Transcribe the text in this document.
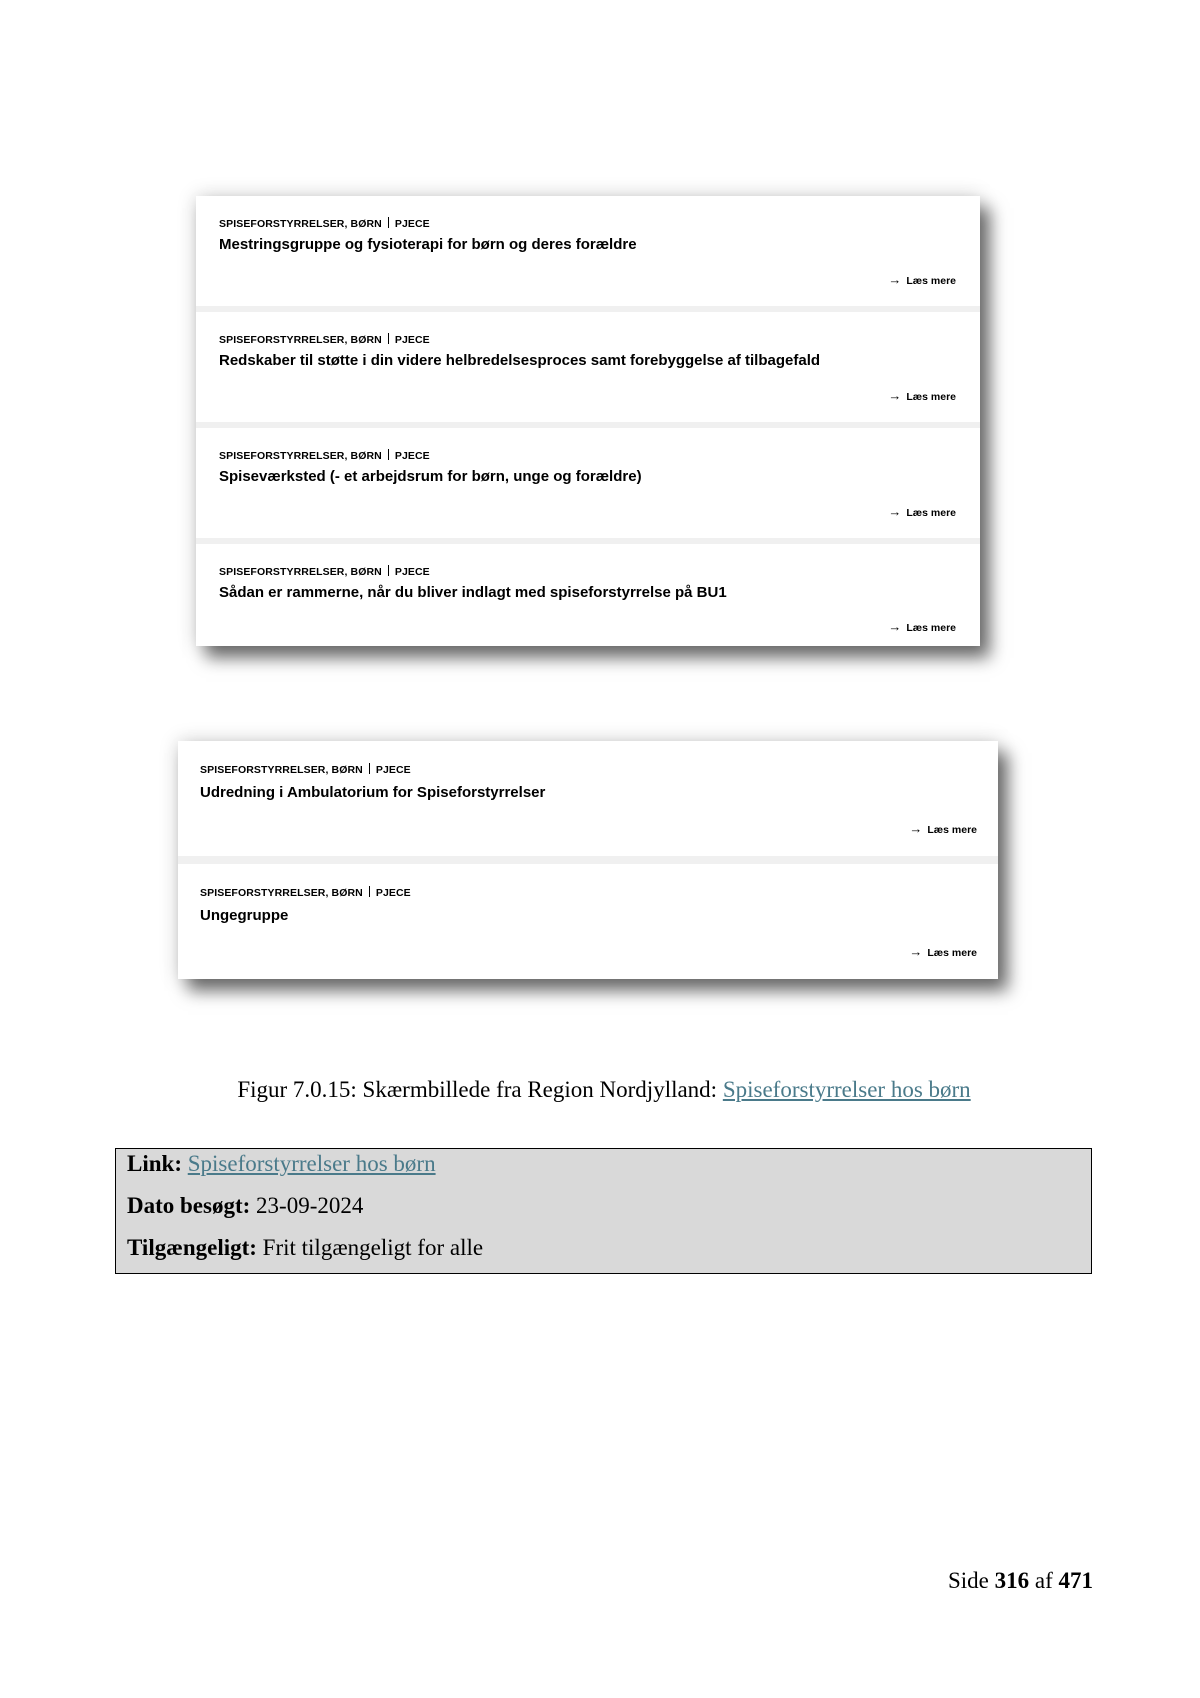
SPISEFORSTYRRELSER, BØRN PJECE
Mestringsgruppe og fysioterapi for børn og deres forældre
→ Læs mere
SPISEFORSTYRRELSER, BØRN PJECE
Redskaber til støtte i din videre helbredelsesproces samt forebyggelse af tilbagefald
→ Læs mere
SPISEFORSTYRRELSER, BØRN PJECE
Spiseværksted (- et arbejdsrum for børn, unge og forældre)
→ Læs mere
SPISEFORSTYRRELSER, BØRN PJECE
Sådan er rammerne, når du bliver indlagt med spiseforstyrrelse på BU1
→ Læs mere
SPISEFORSTYRRELSER, BØRN PJECE
Udredning i Ambulatorium for Spiseforstyrrelser
→ Læs mere
SPISEFORSTYRRELSER, BØRN PJECE
Ungegruppe
→ Læs mere
Figur 7.0.15: Skærmbillede fra Region Nordjylland: Spiseforstyrrelser hos børn
Link: Spiseforstyrrelser hos børn
Dato besøgt: 23-09-2024
Tilgængeligt: Frit tilgængeligt for alle
Side 316 af 471
